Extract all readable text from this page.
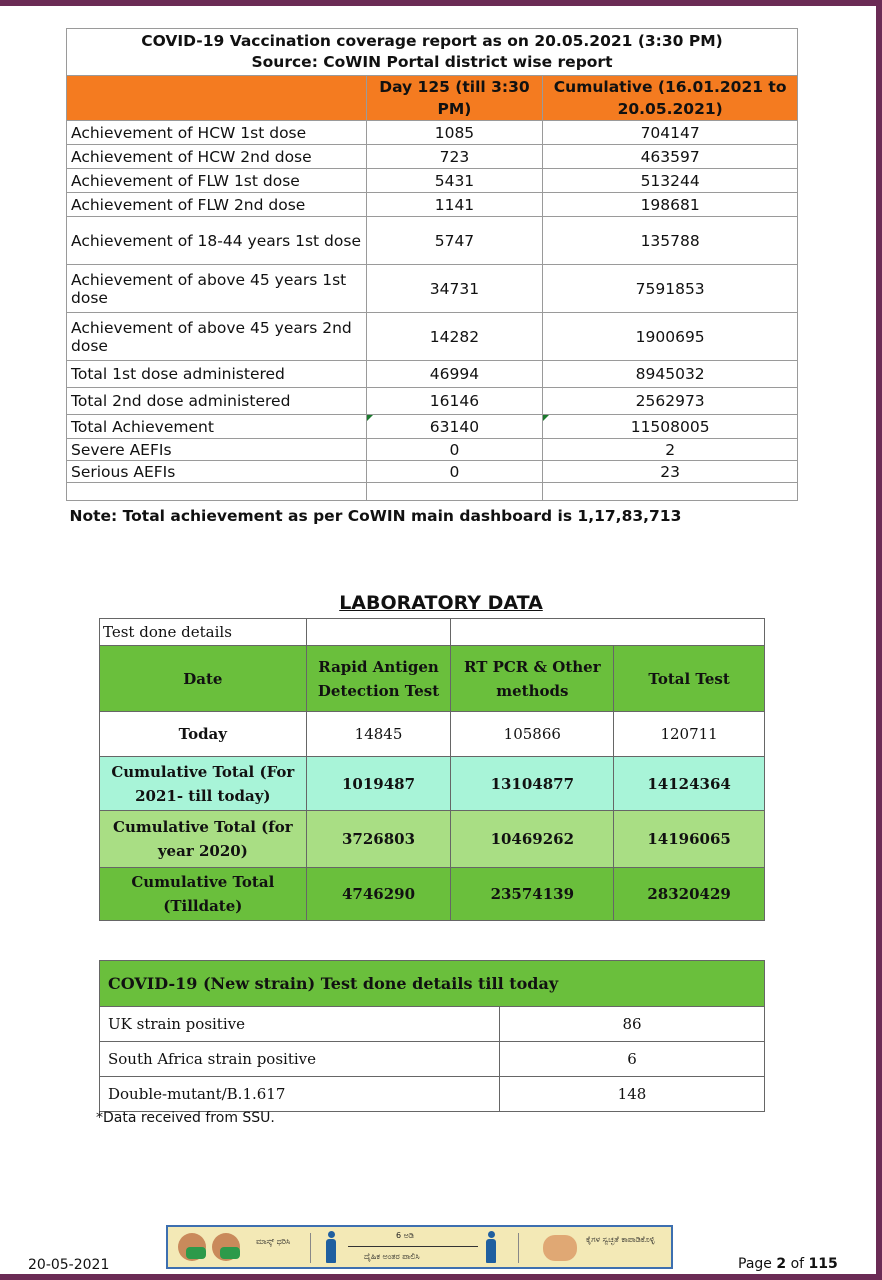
COVID-19 Vaccination coverage report as on 20.05.2021 (3:30 PM)
Source: CoWIN Portal district wise report		

	Day 125 (till 3:30 PM)	Cumulative (16.01.2021 to 20.05.2021)
Achievement of HCW 1st dose	1085	704147
Achievement of HCW 2nd dose	723	463597
Achievement of FLW 1st dose	5431	513244
Achievement of FLW 2nd dose	1141	198681
Achievement of 18-44 years 1st dose	5747	135788
Achievement of above 45 years 1st dose	34731	7591853
Achievement of above 45 years 2nd dose	14282	1900695
Total 1st dose administered	46994	8945032
Total 2nd dose administered	16146	2562973
Total Achievement	63140	11508005
Severe AEFIs	0	2
Serious AEFIs	0	23

Note: Total achievement as per CoWIN main dashboard is 1,17,83,713		
LABORATORY DATA
Test done details			
Date	Rapid Antigen Detection Test	RT PCR & Other methods	Total Test
Today	14845	105866	120711
Cumulative Total (For 2021- till today)	1019487	13104877	14124364
Cumulative Total (for year 2020)	3726803	10469262	14196065
Cumulative Total (Tilldate)	4746290	23574139	28320429
COVID-19 (New strain) Test done details till today	
UK strain positive	86
South Africa strain positive	6
Double-mutant/B.1.617	148
*Data received from SSU.
20-05-2021
ಮಾಸ್ಕ್ ಧರಿಸಿ
6 ಅಡಿ
ದೈಹಿಕ ಅಂತರ ಪಾಲಿಸಿ
ಕೈಗಳ ಸ್ವಚ್ಛತೆ ಕಾಪಾಡಿಕೊಳ್ಳಿ
Page 2 of 115
